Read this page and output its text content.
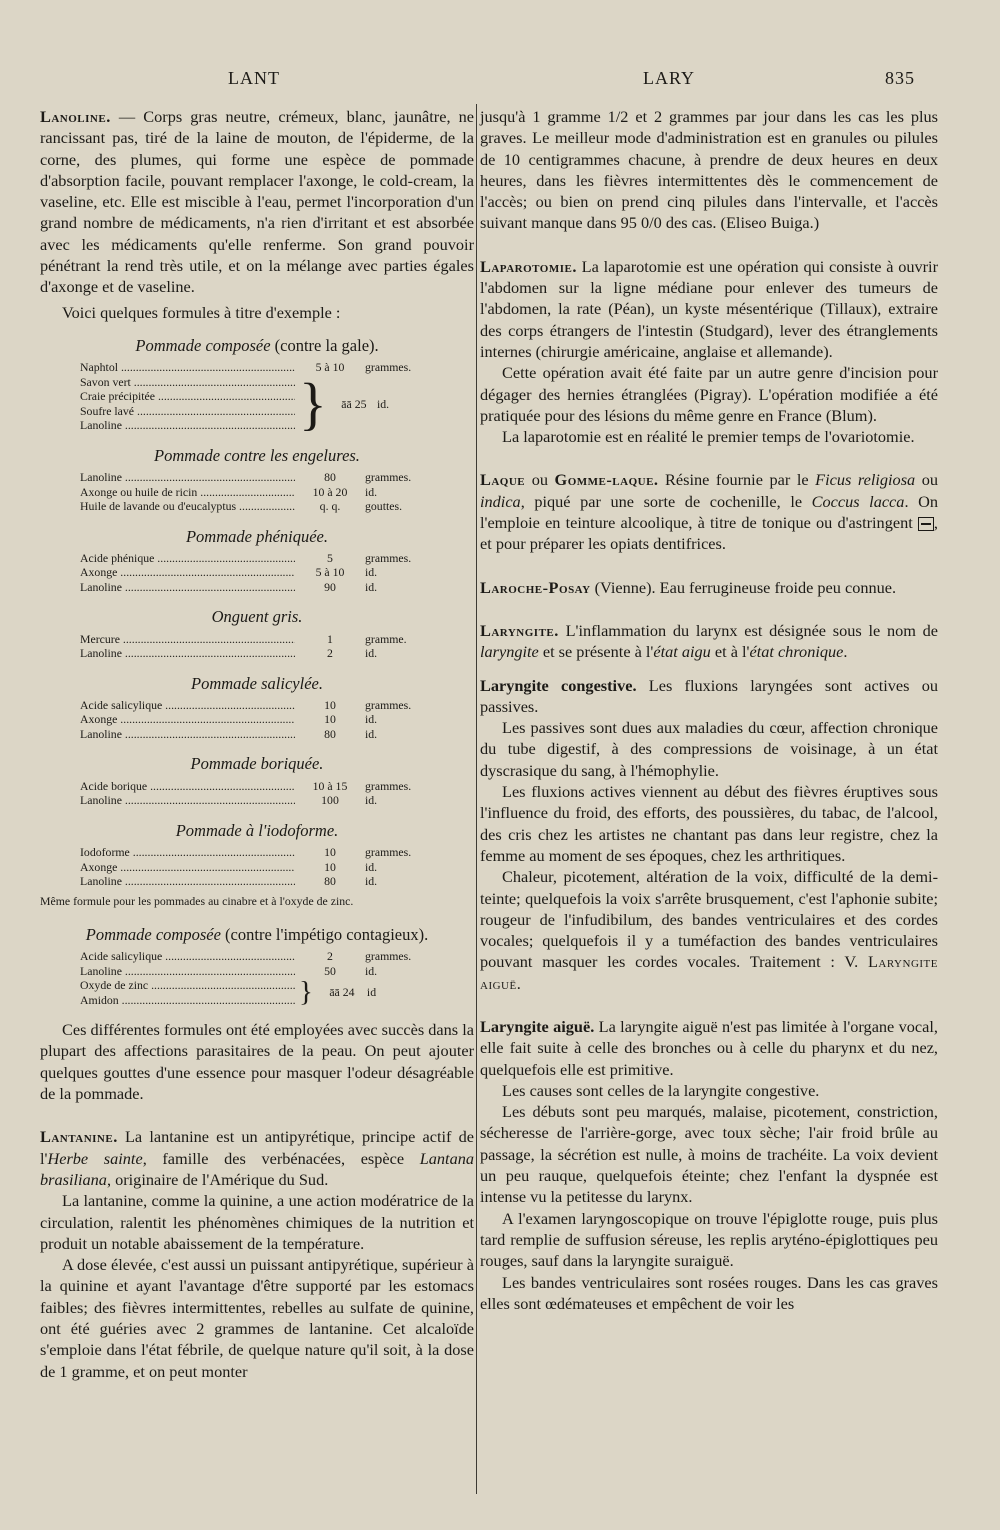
LANT	LARY	835

Lanoline. — Corps gras neutre, crémeux, blanc, jaunâtre, ne rancissant pas, tiré de la laine de mouton, de l'épiderme, de la corne, des plumes, qui forme une espèce de pommade d'absorption facile, pouvant remplacer l'axonge, le cold-cream, la vaseline, etc. Elle est miscible à l'eau, permet l'incorporation d'un grand nombre de médicaments, n'a rien d'irritant et est absorbée avec les médicaments qu'elle renferme. Son grand pouvoir pénétrant la rend très utile, et on la mélange avec parties égales d'axonge et de vaseline.

Voici quelques formules à titre d'exemple :

Pommade composée (contre la gale).
Naphtol .....	5 à 10	grammes.
Savon vert .....
Craie précipitée .....
Soufre lavé .....
Lanoline .....	}	āā 25 id.
Pommade contre les engelures.
Lanoline .....	80	grammes.
Axonge ou huile de ricin .....	10 à 20	id.
Huile de lavande ou d'eucalyptus .....	q. q.	gouttes.
Pommade phéniquée.
Acide phénique .....	5	grammes.
Axonge .....	5 à 10	id.
Lanoline .....	90	id.
Onguent gris.
Mercure .....	1	gramme.
Lanoline .....	2	id.
Pommade salicylée.
Acide salicylique .....	10	grammes.
Axonge .....	10	id.
Lanoline .....	80	id.
Pommade boriquée.
Acide borique .....	10 à 15	grammes.
Lanoline .....	100	id.
Pommade à l'iodoforme.
Iodoforme .....	10	grammes.
Axonge .....	10	id.
Lanoline .....	80	id.

Même formule pour les pommades au cinabre et à l'oxyde de zinc.

Pommade composée (contre l'impétigo contagieux).
Acide salicylique .....	2	grammes.
Lanoline .....	50	id.
Oxyde de zinc .....
Amidon .....	}	āā 24	id

Ces différentes formules ont été employées avec succès dans la plupart des affections parasitaires de la peau. On peut ajouter quelques gouttes d'une essence pour masquer l'odeur désagréable de la pommade.

Lantanine. La lantanine est un antipyrétique, principe actif de l'Herbe sainte, famille des verbénacées, espèce Lantana brasiliana, originaire de l'Amérique du Sud.

La lantanine, comme la quinine, a une action modératrice de la circulation, ralentit les phénomènes chimiques de la nutrition et produit un notable abaissement de la température.

A dose élevée, c'est aussi un puissant antipyrétique, supérieur à la quinine et ayant l'avantage d'être supporté par les estomacs faibles; des fièvres intermittentes, rebelles au sulfate de quinine, ont été guéries avec 2 grammes de lantanine. Cet alcaloïde s'emploie dans l'état fébrile, de quelque nature qu'il soit, à la dose de 1 gramme, et on peut monter

jusqu'à 1 gramme 1/2 et 2 grammes par jour dans les cas les plus graves. Le meilleur mode d'administration est en granules ou pilules de 10 centigrammes chacune, à prendre de deux heures en deux heures, dans les fièvres intermittentes dès le commencement de l'accès; ou bien on prend cinq pilules dans l'intervalle, et l'accès suivant manque dans 95 0/0 des cas. (Eliseo Buiga.)

Laparotomie. La laparotomie est une opération qui consiste à ouvrir l'abdomen sur la ligne médiane pour enlever des tumeurs de l'abdomen, la rate (Péan), un kyste mésentérique (Tillaux), extraire des corps étrangers de l'intestin (Studgard), lever des étranglements internes (chirurgie américaine, anglaise et allemande).

Cette opération avait été faite par un autre genre d'incision pour dégager des hernies étranglées (Pigray). L'opération modifiée a été pratiquée pour des lésions du même genre en France (Blum).

La laparotomie est en réalité le premier temps de l'ovariotomie.

Laque ou Gomme-laque. Résine fournie par le Ficus religiosa ou indica, piqué par une sorte de cochenille, le Coccus lacca. On l'emploie en teinture alcoolique, à titre de tonique ou d'astringent , et pour préparer les opiats dentifrices.

Laroche-Posay (Vienne). Eau ferrugineuse froide peu connue.

Laryngite. L'inflammation du larynx est désignée sous le nom de laryngite et se présente à l'état aigu et à l'état chronique.

Laryngite congestive. Les fluxions laryngées sont actives ou passives.

Les passives sont dues aux maladies du cœur, affection chronique du tube digestif, à des compressions de voisinage, à un état dyscrasique du sang, à l'hémophylie.

Les fluxions actives viennent au début des fièvres éruptives sous l'influence du froid, des efforts, des poussières, du tabac, de l'alcool, des cris chez les artistes ne chantant pas dans leur registre, chez la femme au moment de ses époques, chez les arthritiques.

Chaleur, picotement, altération de la voix, difficulté de la demi-teinte; quelquefois la voix s'arrête brusquement, c'est l'aphonie subite; rougeur de l'infudibilum, des bandes ventriculaires et des cordes vocales; quelquefois il y a tuméfaction des bandes ventriculaires pouvant masquer les cordes vocales. Traitement : V. Laryngite aiguë.

Laryngite aiguë. La laryngite aiguë n'est pas limitée à l'organe vocal, elle fait suite à celle des bronches ou à celle du pharynx et du nez, quelquefois elle est primitive.

Les causes sont celles de la laryngite congestive.

Les débuts sont peu marqués, malaise, picotement, constriction, sécheresse de l'arrière-gorge, avec toux sèche; l'air froid brûle au passage, la sécrétion est nulle, à moins de trachéite. La voix devient un peu rauque, quelquefois éteinte; chez l'enfant la dyspnée est intense vu la petitesse du larynx.

A l'examen laryngoscopique on trouve l'épiglotte rouge, puis plus tard remplie de suffusion séreuse, les replis aryténo-épiglottiques peu rouges, sauf dans la laryngite suraiguë.

Les bandes ventriculaires sont rosées rouges. Dans les cas graves elles sont œdémateuses et empêchent de voir les
